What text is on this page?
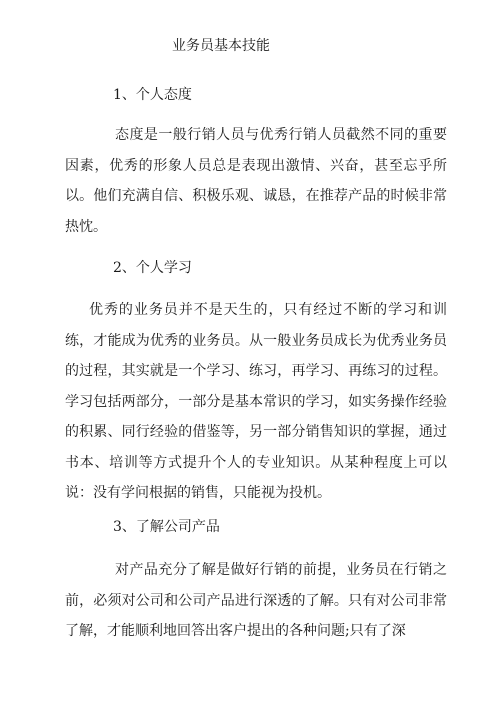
业务员基本技能
1、个人态度
态度是一般行销人员与优秀行销人员截然不同的重要因素，优秀的形象人员总是表现出激情、兴奋，甚至忘乎所以。他们充满自信、积极乐观、诚恳，在推荐产品的时候非常热忱。
2、个人学习
优秀的业务员并不是天生的，只有经过不断的学习和训练，才能成为优秀的业务员。从一般业务员成长为优秀业务员的过程，其实就是一个学习、练习，再学习、再练习的过程。学习包括两部分，一部分是基本常识的学习，如实务操作经验的积累、同行经验的借鉴等，另一部分销售知识的掌握，通过书本、培训等方式提升个人的专业知识。从某种程度上可以说：没有学问根据的销售，只能视为投机。
3、了解公司产品
对产品充分了解是做好行销的前提，业务员在行销之前，必须对公司和公司产品进行深透的了解。只有对公司非常了解，才能顺利地回答出客户提出的各种问题;只有了深
